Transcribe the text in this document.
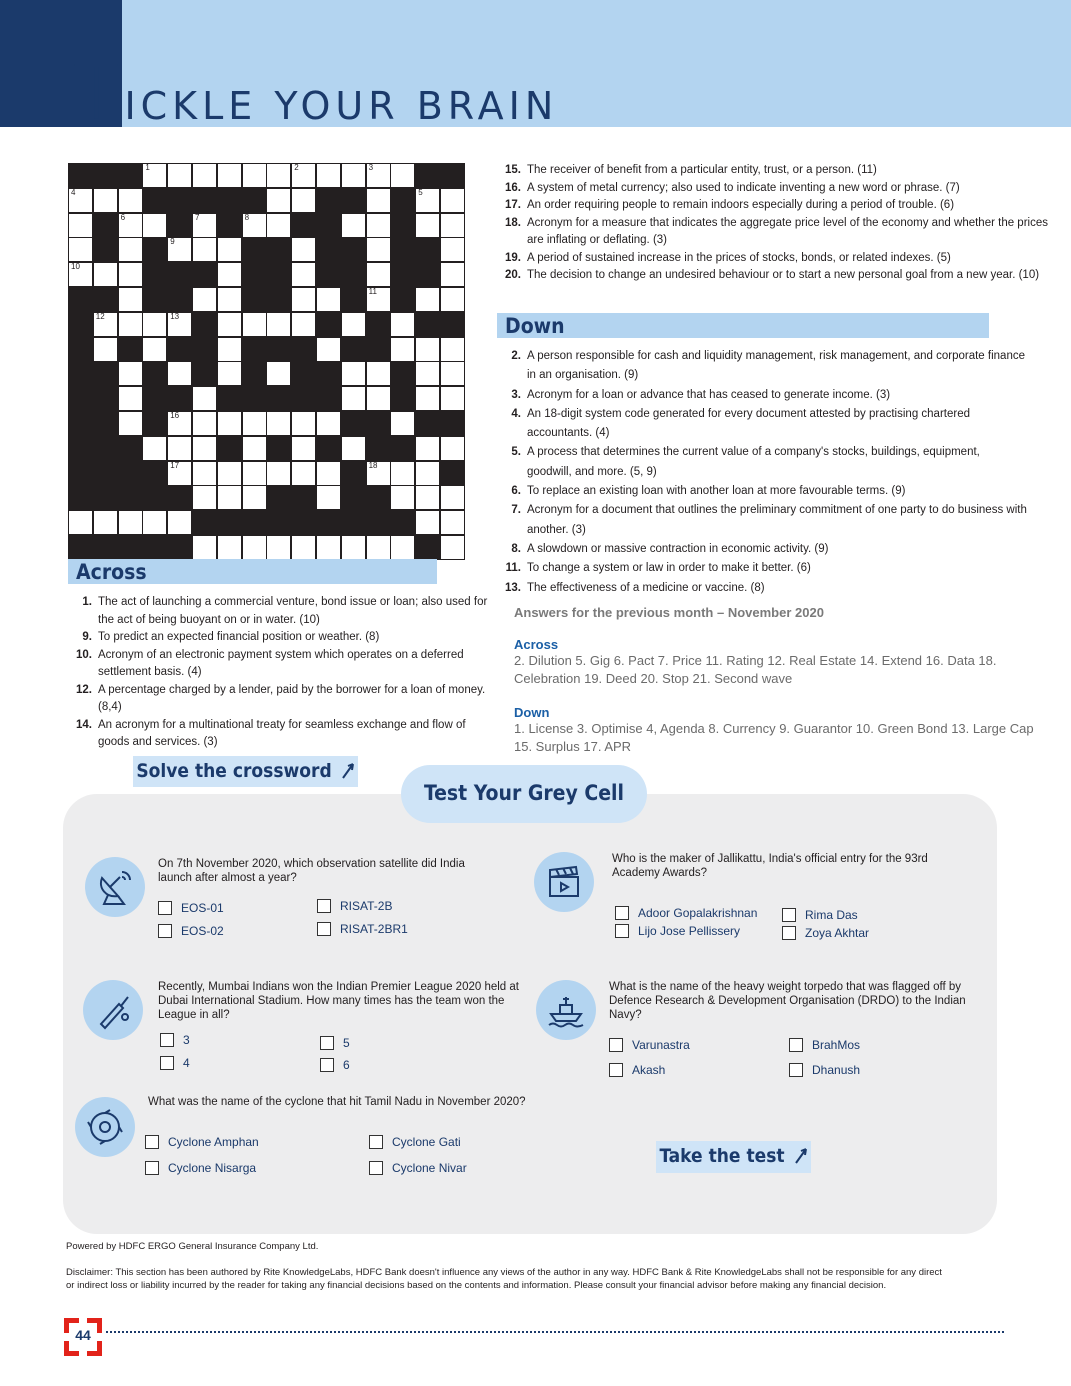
TICKLE YOUR BRAIN
1	2	3
4	5
6	7	8
9
10
11
12	13
16
17	18
Across
1. The act of launching a commercial venture, bond issue or loan; also used for the act of being buoyant on or in water. (10)
9. To predict an expected financial position or weather. (8)
10. Acronym of an electronic payment system which operates on a deferred settlement basis. (4)
12. A percentage charged by a lender, paid by the borrower for a loan of money. (8,4)
14. An acronym for a multinational treaty for seamless exchange and flow of goods and services. (3)
15. The receiver of benefit from a particular entity, trust, or a person. (11)
16. A system of metal currency; also used to indicate inventing a new word or phrase. (7)
17. An order requiring people to remain indoors especially during a period of trouble. (6)
18. Acronym for a measure that indicates the aggregate price level of the economy and whether the prices are inflating or deflating. (3)
19. A period of sustained increase in the prices of stocks, bonds, or related indexes. (5)
20. The decision to change an undesired behaviour or to start a new personal goal from a new year. (10)
Down
2. A person responsible for cash and liquidity management, risk management, and corporate finance in an organisation. (9)
3. Acronym for a loan or advance that has ceased to generate income. (3)
4. An 18-digit system code generated for every document attested by practising chartered accountants. (4)
5. A process that determines the current value of a company's stocks, buildings, equipment, goodwill, and more. (5, 9)
6. To replace an existing loan with another loan at more favourable terms. (9)
7. Acronym for a document that outlines the preliminary commitment of one party to do business with another. (3)
8. A slowdown or massive contraction in economic activity. (9)
11. To change a system or law in order to make it better. (6)
13. The effectiveness of a medicine or vaccine. (8)
Answers for the previous month – November 2020
Across
2. Dilution 5. Gig 6. Pact 7. Price 11. Rating 12. Real Estate 14. Extend 16. Data 18. Celebration 19. Deed 20. Stop 21. Second wave
Down
1. License 3. Optimise 4, Agenda 8. Currency 9. Guarantor 10. Green Bond 13. Large Cap 15. Surplus 17. APR
Test Your Grey Cell
Solve the crossword
On 7th November 2020, which observation satellite did India launch after almost a year?
EOS-01	RISAT-2B
EOS-02	RISAT-2BR1
Who is the maker of Jallikattu, India's official entry for the 93rd Academy Awards?
Adoor Gopalakrishnan	Rima Das
Lijo Jose Pellissery	Zoya Akhtar
Recently, Mumbai Indians won the Indian Premier League 2020 held at Dubai International Stadium. How many times has the team won the League in all?
3	5
4	6
What is the name of the heavy weight torpedo that was flagged off by Defence Research & Development Organisation (DRDO) to the Indian Navy?
Varunastra	BrahMos
Akash	Dhanush
What was the name of the cyclone that hit Tamil Nadu in November 2020?
Cyclone Amphan	Cyclone Gati
Cyclone Nisarga	Cyclone Nivar
Take the test
Powered by HDFC ERGO General Insurance Company Ltd.
Disclaimer: This section has been authored by Rite KnowledgeLabs, HDFC Bank doesn't influence any views of the author in any way. HDFC Bank & Rite KnowledgeLabs shall not be responsible for any direct or indirect loss or liability incurred by the reader for taking any financial decisions based on the contents and information. Please consult your financial advisor before making any financial decision.
44
